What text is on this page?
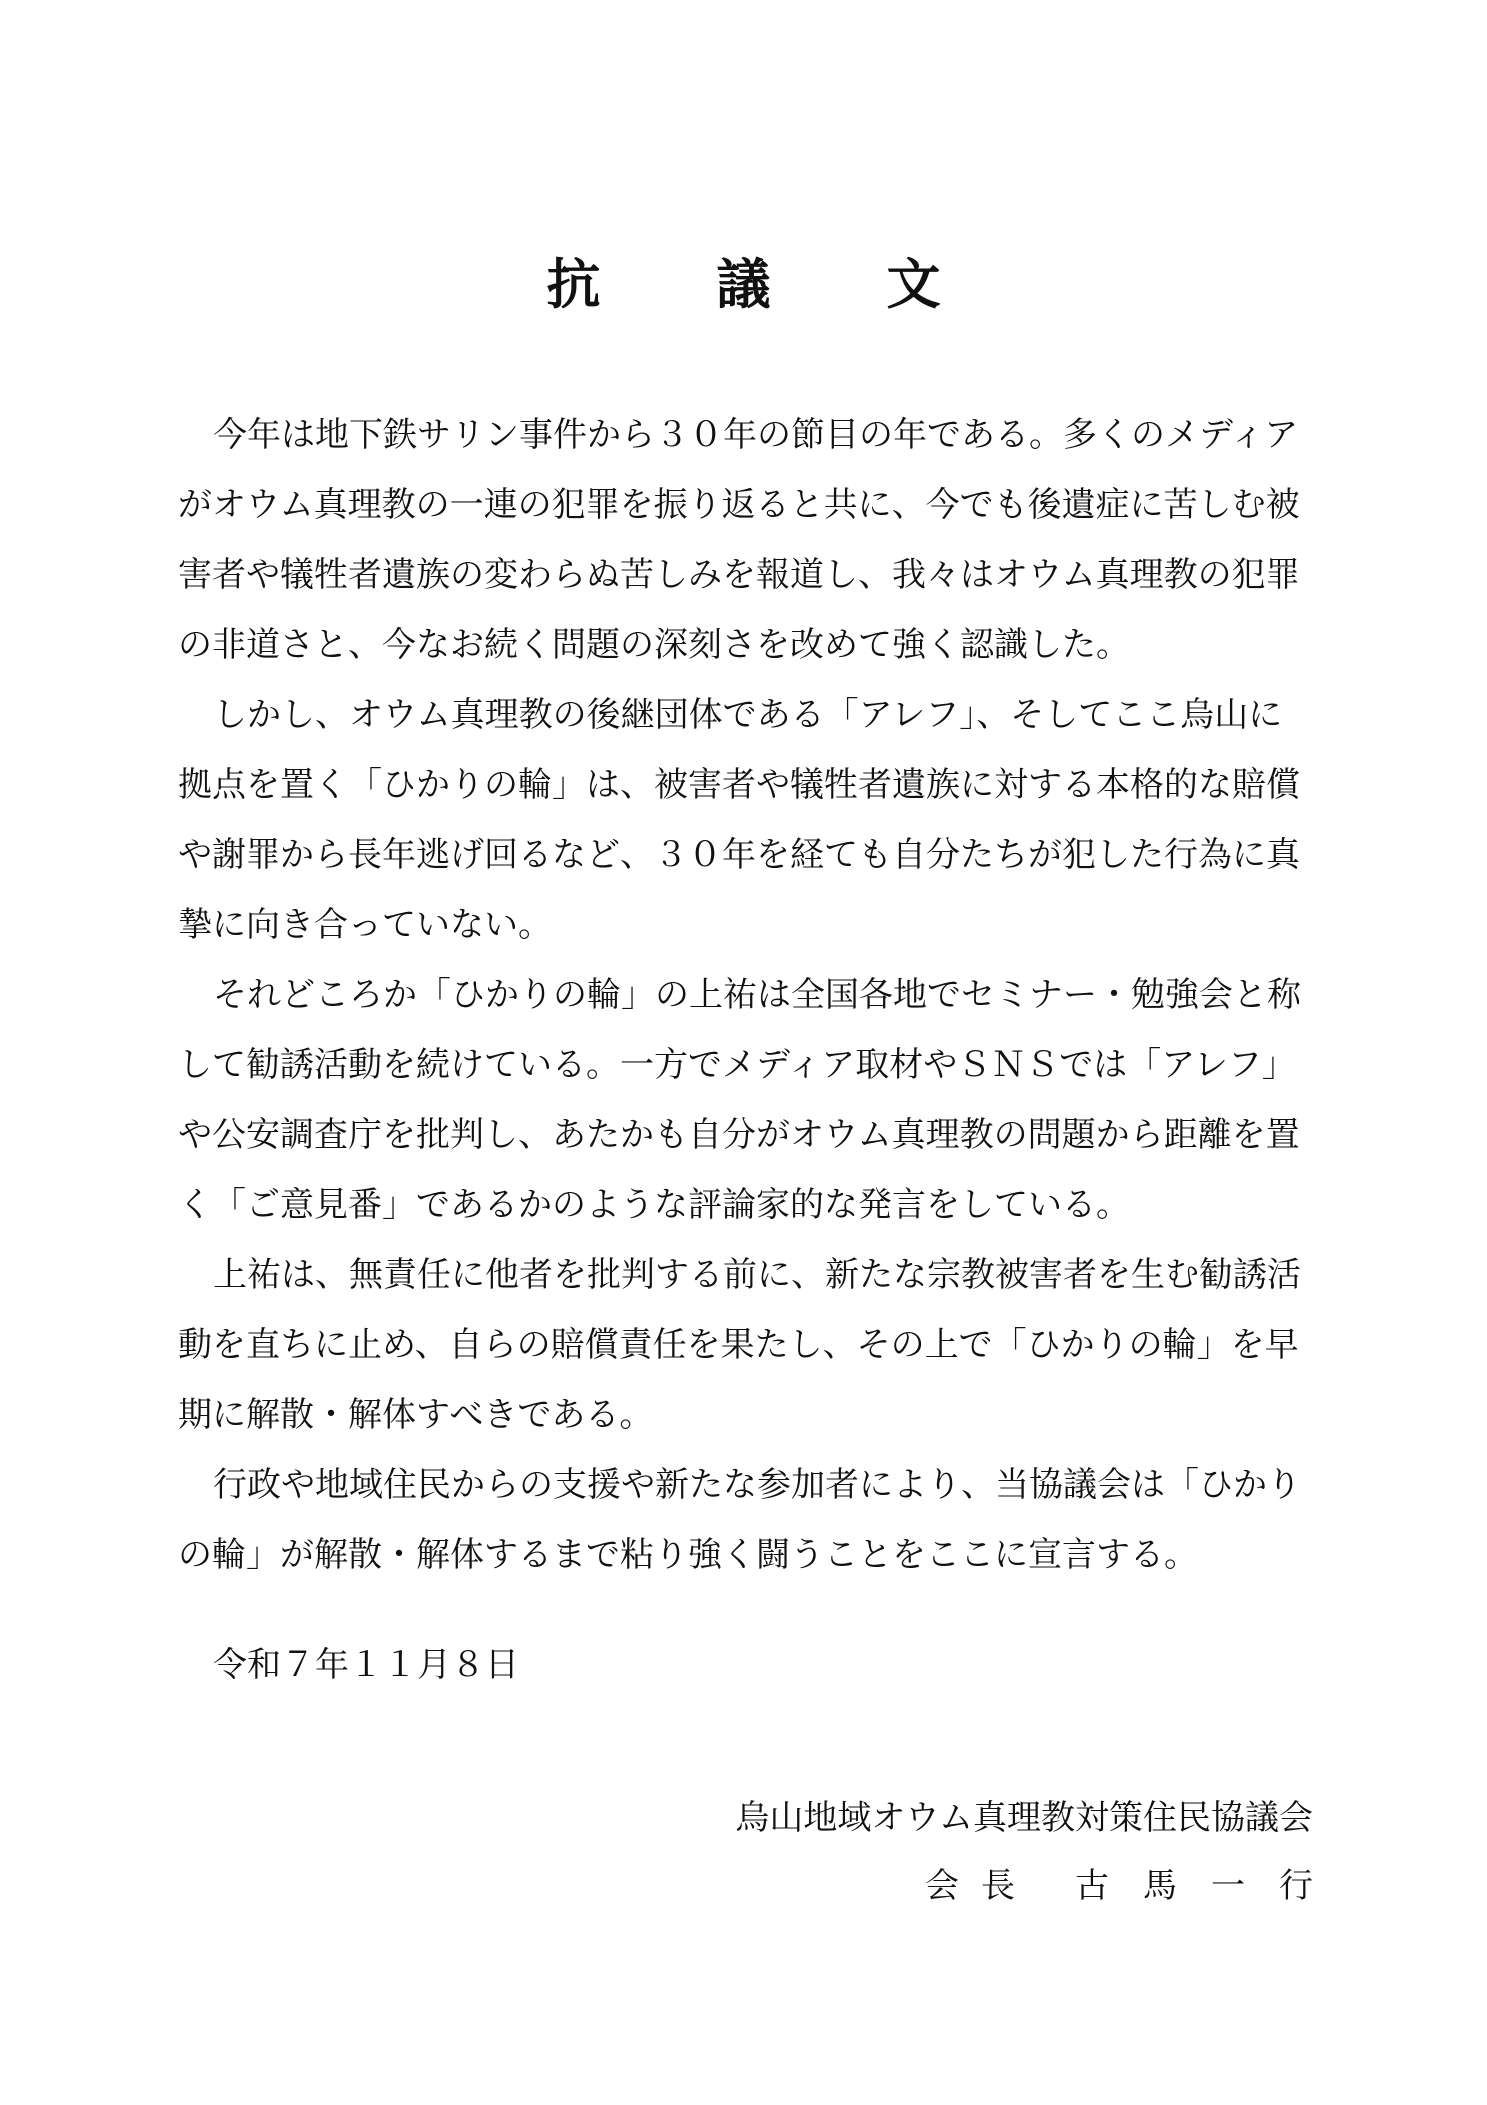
抗 議 文

今年は地下鉄サリン事件から３０年の節目の年である。多くのメディアがオウム真理教の一連の犯罪を振り返ると共に、今でも後遺症に苦しむ被害者や犠牲者遺族の変わらぬ苦しみを報道し、我々はオウム真理教の犯罪の非道さと、今なお続く問題の深刻さを改めて強く認識した。

しかし、オウム真理教の後継団体である「アレフ」、そしてここ烏山に拠点を置く「ひかりの輪」は、被害者や犠牲者遺族に対する本格的な賠償や謝罪から長年逃げ回るなど、３０年を経ても自分たちが犯した行為に真摯に向き合っていない。

それどころか「ひかりの輪」の上祐は全国各地でセミナー・勉強会と称して勧誘活動を続けている。一方でメディア取材やＳＮＳでは「アレフ」や公安調査庁を批判し、あたかも自分がオウム真理教の問題から距離を置く「ご意見番」であるかのような評論家的な発言をしている。

上祐は、無責任に他者を批判する前に、新たな宗教被害者を生む勧誘活動を直ちに止め、自らの賠償責任を果たし、その上で「ひかりの輪」を早期に解散・解体すべきである。

行政や地域住民からの支援や新たな参加者により、当協議会は「ひかりの輪」が解散・解体するまで粘り強く闘うことをここに宣言する。

令和７年１１月８日
烏山地域オウム真理教対策住民協議会
会長 古馬一行
